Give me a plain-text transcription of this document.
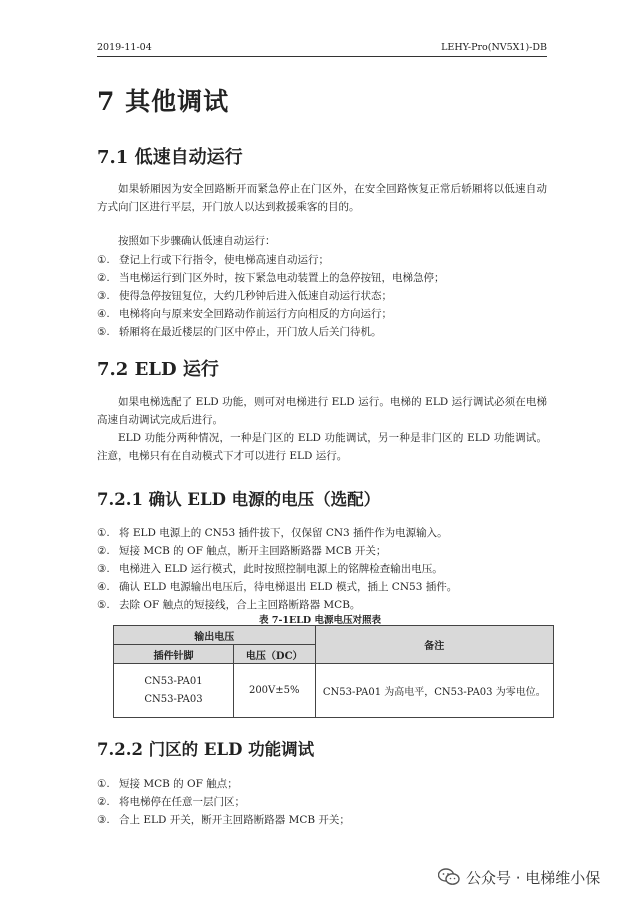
2019-11-04	LEHY-Pro(NV5X1)-DB
7 其他调试
7.1 低速自动运行

如果轿厢因为安全回路断开而紧急停止在门区外，在安全回路恢复正常后轿厢将以低速自动方式向门区进行平层，开门放人以达到救援乘客的目的。

按照如下步骤确认低速自动运行：

①. 登记上行或下行指令，使电梯高速自动运行；
②. 当电梯运行到门区外时，按下紧急电动装置上的急停按钮，电梯急停；
③. 使得急停按钮复位，大约几秒钟后进入低速自动运行状态；
④. 电梯将向与原来安全回路动作前运行方向相反的方向运行；
⑤. 轿厢将在最近楼层的门区中停止，开门放人后关门待机。
7.2 ELD 运行

如果电梯选配了 ELD 功能，则可对电梯进行 ELD 运行。电梯的 ELD 运行调试必须在电梯高速自动调试完成后进行。

ELD 功能分两种情况，一种是门区的 ELD 功能调试，另一种是非门区的 ELD 功能调试。注意，电梯只有在自动模式下才可以进行 ELD 运行。

7.2.1 确认 ELD 电源的电压（选配）
①. 将 ELD 电源上的 CN53 插件拔下，仅保留 CN3 插件作为电源输入。
②. 短接 MCB 的 OF 触点，断开主回路断路器 MCB 开关；
③. 电梯进入 ELD 运行模式，此时按照控制电源上的铭牌检查输出电压。
④. 确认 ELD 电源输出电压后，待电梯退出 ELD 模式，插上 CN53 插件。
⑤. 去除 OF 触点的短接线，合上主回路断路器 MCB。
表 7-1ELD 电源电压对照表
输出电压		备注
插件针脚	电压（DC）	

CN53-PA01
CN53-PA03	200V±5%	CN53-PA01 为高电平，CN53-PA03 为零电位。
7.2.2 门区的 ELD 功能调试
①. 短接 MCB 的 OF 触点；
②. 将电梯停在任意一层门区；
③. 合上 ELD 开关，断开主回路断路器 MCB 开关；
公众号 · 电梯维小保
